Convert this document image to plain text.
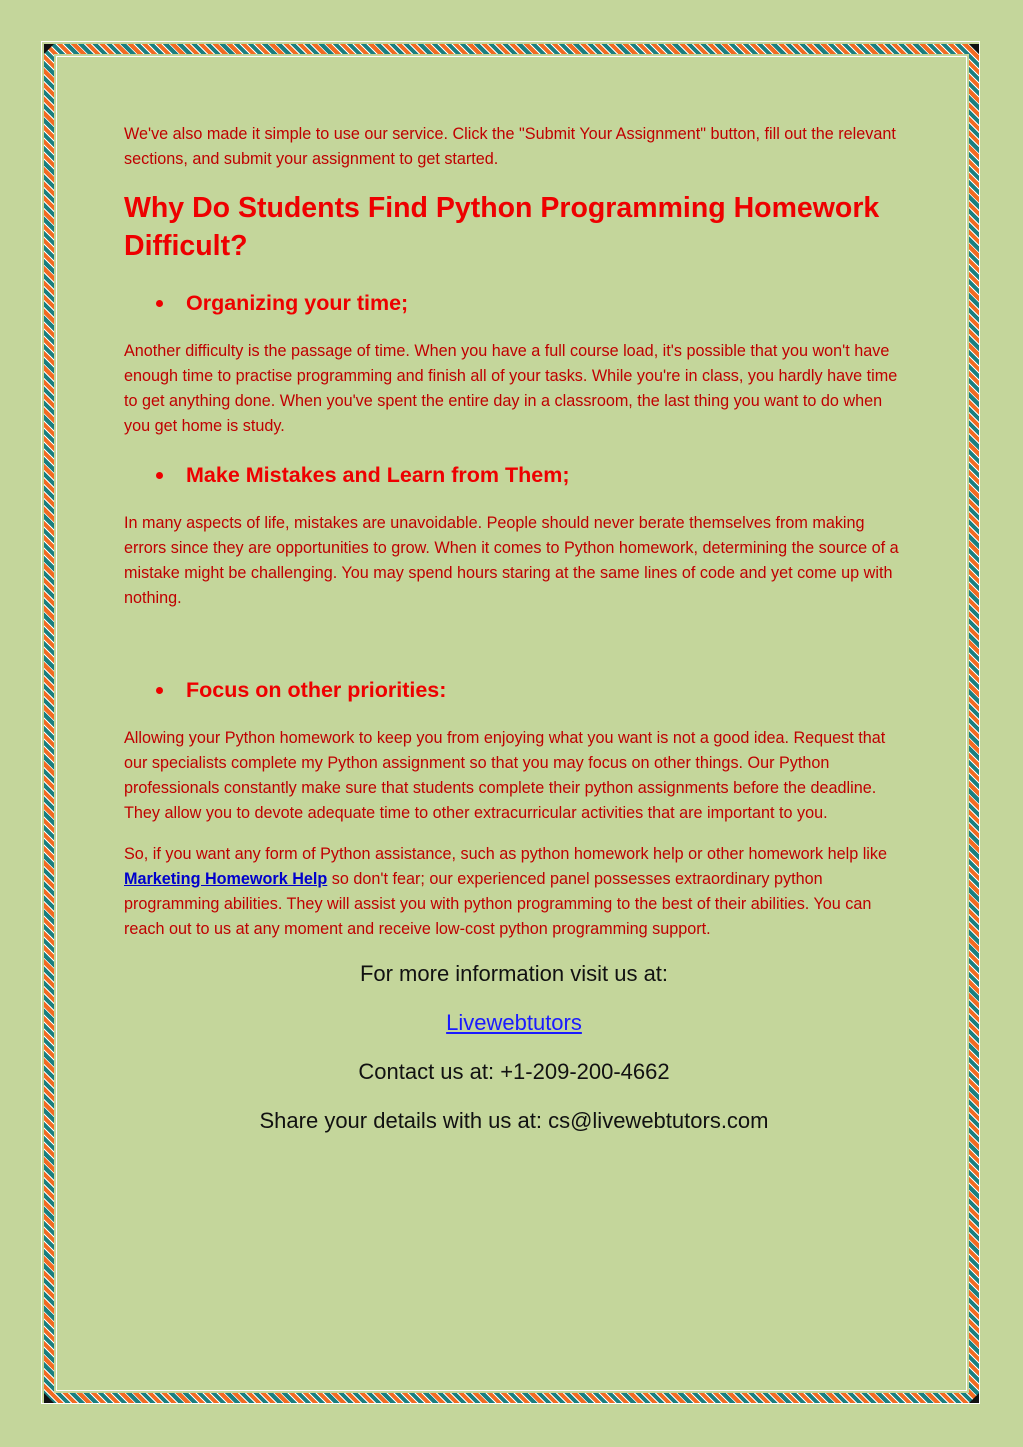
We've also made it simple to use our service. Click the "Submit Your Assignment" button, fill out the relevant sections, and submit your assignment to get started.

Why Do Students Find Python Programming Homework Difficult?
Organizing your time;

Another difficulty is the passage of time. When you have a full course load, it's possible that you won't have enough time to practise programming and finish all of your tasks. While you're in class, you hardly have time to get anything done. When you've spent the entire day in a classroom, the last thing you want to do when you get home is study.

Make Mistakes and Learn from Them;

In many aspects of life, mistakes are unavoidable. People should never berate themselves from making errors since they are opportunities to grow. When it comes to Python homework, determining the source of a mistake might be challenging. You may spend hours staring at the same lines of code and yet come up with nothing.

Focus on other priorities:

Allowing your Python homework to keep you from enjoying what you want is not a good idea. Request that our specialists complete my Python assignment so that you may focus on other things. Our Python professionals constantly make sure that students complete their python assignments before the deadline. They allow you to devote adequate time to other extracurricular activities that are important to you.

So, if you want any form of Python assistance, such as python homework help or other homework help like Marketing Homework Help so don't fear; our experienced panel possesses extraordinary python programming abilities. They will assist you with python programming to the best of their abilities. You can reach out to us at any moment and receive low-cost python programming support.

For more information visit us at:
Livewebtutors
Contact us at: +1-209-200-4662
Share your details with us at: cs@livewebtutors.com
